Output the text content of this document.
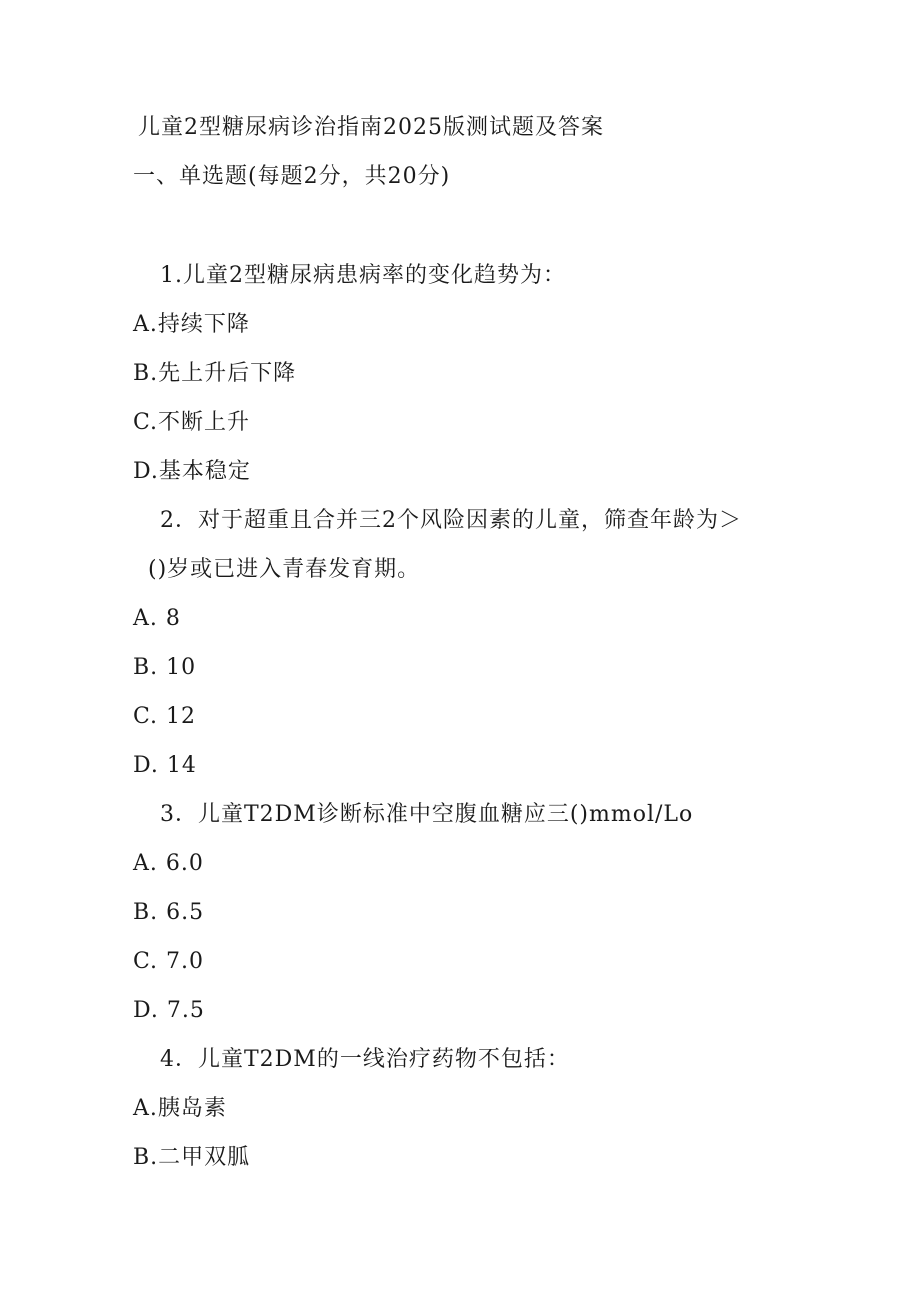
儿童2型糖尿病诊治指南2025版测试题及答案
一、单选题(每题2分，共20分)
1.儿童2型糖尿病患病率的变化趋势为：
A.持续下降
B.先上升后下降
C.不断上升
D.基本稳定
2．对于超重且合并三2个风险因素的儿童，筛查年龄为＞
()岁或已进入青春发育期。
A. 8
B. 10
C. 12
D. 14
3．儿童T2DM诊断标准中空腹血糖应三()mmol/Lo
A. 6.0
B. 6.5
C. 7.0
D. 7.5
4．儿童T2DM的一线治疗药物不包括：
A.胰岛素
B.二甲双胍
